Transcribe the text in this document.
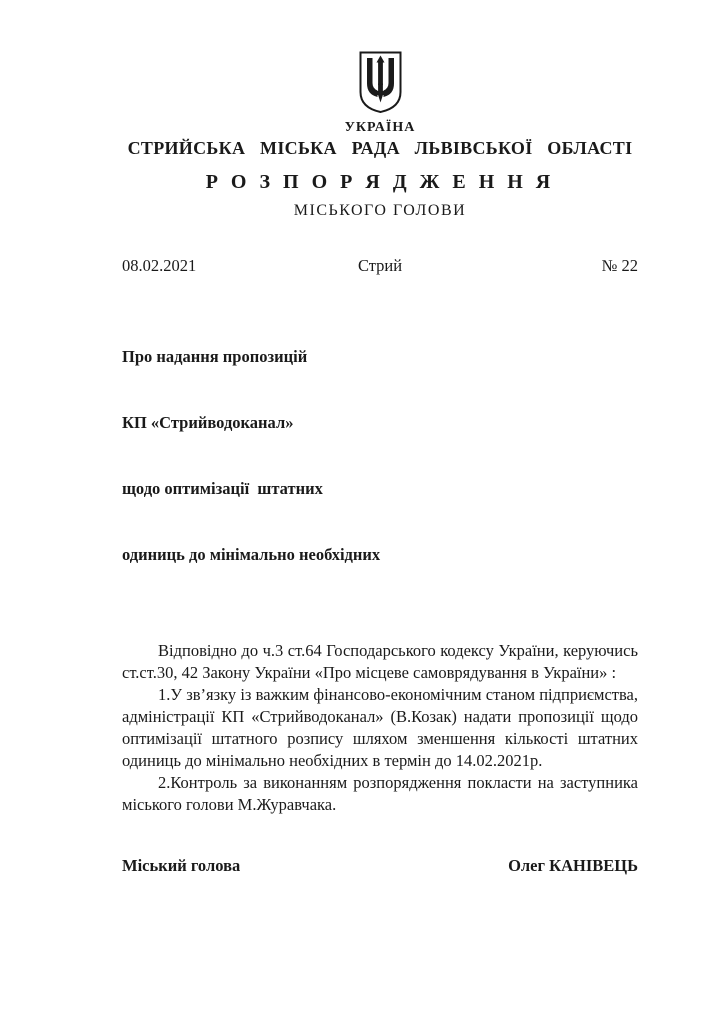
УКРАЇНА
СТРИЙСЬКА МІСЬКА РАДА ЛЬВІВСЬКОЇ ОБЛАСТІ
Р О З П О Р Я Д Ж Е Н Н Я
МІСЬКОГО ГОЛОВИ
08.02.2021	Стрий	№ 22

Про надання пропозицій

КП «Стрийводоканал»

щодо оптимізації  штатних

одиниць до мінімально необхідних

Відповідно до ч.3 ст.64 Господарського кодексу України, керуючись ст.ст.30, 42 Закону України «Про місцеве самоврядування в України» :

1.У зв’язку із важким фінансово-економічним станом підприємства, адміністрації КП «Стрийводоканал» (В.Козак) надати пропозиції щодо оптимізації штатного розпису шляхом зменшення кількості штатних одиниць до мінімально необхідних в термін до 14.02.2021р.

2.Контроль за виконанням розпорядження покласти на заступника міського голови М.Журавчака.

Міський голова	Олег КАНІВЕЦЬ
